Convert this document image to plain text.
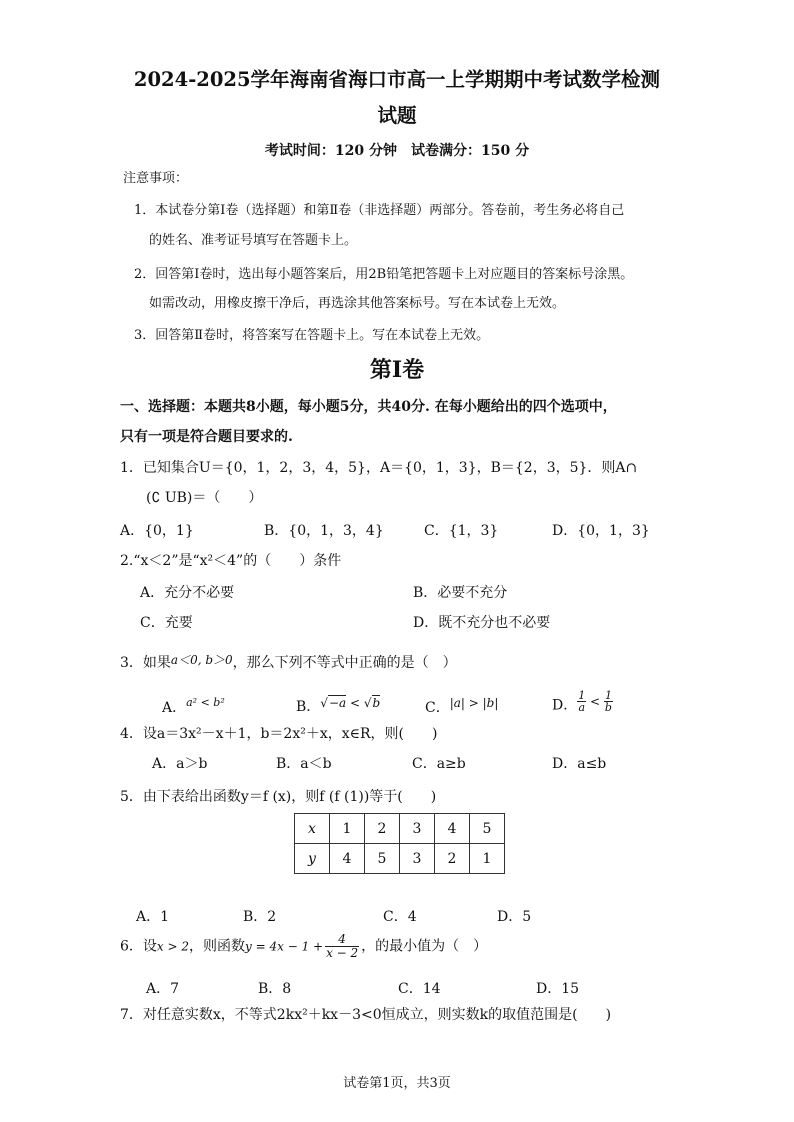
2024-2025学年海南省海口市高一上学期期中考试数学检测
试题
考试时间：120 分钟　试卷满分：150 分
注意事项：
1．本试卷分第Ⅰ卷（选择题）和第Ⅱ卷（非选择题）两部分。答卷前，考生务必将自己
的姓名、准考证号填写在答题卡上。
2．回答第Ⅰ卷时，选出每小题答案后，用2B铅笔把答题卡上对应题目的答案标号涂黑。
如需改动，用橡皮擦干净后，再选涂其他答案标号。写在本试卷上无效。
3．回答第Ⅱ卷时，将答案写在答题卡上。写在本试卷上无效。
第Ⅰ卷
一、选择题：本题共8小题，每小题5分，共40分. 在每小题给出的四个选项中，
只有一项是符合题目要求的.
1．已知集合U＝{0，1，2，3，4，5}，A＝{0，1，3}，B＝{2，3，5}．则A∩
(∁ UB)＝（　　）
A．{0，1}	B．{0，1，3，4}	C．{1，3}	D．{0，1，3}
2.“x＜2”是“x²＜4”的（　　）条件
A．充分不必要	B．必要不充分
C．充要	D．既不充分也不必要
3．如果a＜0, b＞0，那么下列不等式中正确的是（　）
A．$^{a^2 < b^2}$	B．√−a < √b	C．|a| > |b|	D． $\frac{1}{a} < \frac{1}{b}$
4．设a＝3x²－x＋1，b＝2x²＋x，x∈R，则(　　)
A．a＞b	B．a＜b	C．a≥b	D．a≤b
5．由下表给出函数y＝f (x)，则f (f (1))等于(　　)
x	1	2	3	4	5
y	4	5	3	2	1
A．1	B．2	C．4	D．5
6．设x > 2，则函数$y = 4x - 1 + \frac{4}{x - 2}$ ，的最小值为（　）
A．7	B．8	C．14	D．15
7．对任意实数x，不等式2kx²＋kx－3<0恒成立，则实数k的取值范围是(　　)
试卷第1页，共3页
